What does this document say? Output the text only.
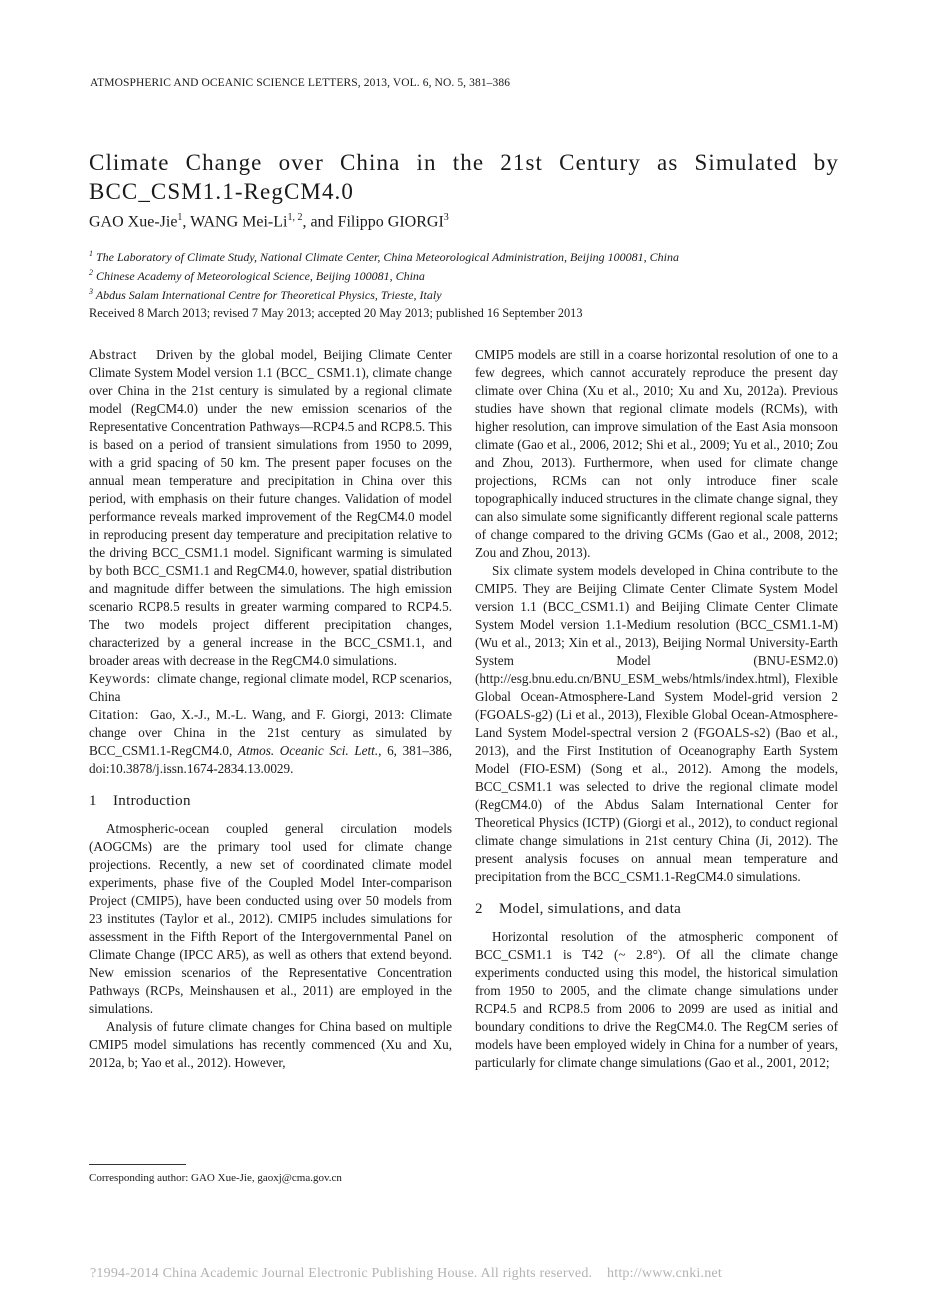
ATMOSPHERIC AND OCEANIC SCIENCE LETTERS, 2013, VOL. 6, NO. 5, 381–386
Climate Change over China in the 21st Century as Simulated by BCC_CSM1.1-RegCM4.0
GAO Xue-Jie$^1$, WANG Mei-Li$^{1, 2}$, and Filippo GIORGI$^3$
$^1$ The Laboratory of Climate Study, National Climate Center, China Meteorological Administration, Beijing 100081, China
$^2$ Chinese Academy of Meteorological Science, Beijing 100081, China
$^3$ Abdus Salam International Centre for Theoretical Physics, Trieste, Italy
Received 8 March 2013; revised 7 May 2013; accepted 20 May 2013; published 16 September 2013

Abstract Driven by the global model, Beijing Climate Center Climate System Model version 1.1 (BCC_ CSM1.1), climate change over China in the 21st century is simulated by a regional climate model (RegCM4.0) under the new emission scenarios of the Representative Concentration Pathways—RCP4.5 and RCP8.5. This is based on a period of transient simulations from 1950 to 2099, with a grid spacing of 50 km. The present paper focuses on the annual mean temperature and precipitation in China over this period, with emphasis on their future changes. Validation of model performance reveals marked improvement of the RegCM4.0 model in reproducing present day temperature and precipitation relative to the driving BCC_CSM1.1 model. Significant warming is simulated by both BCC_CSM1.1 and RegCM4.0, however, spatial distribution and magnitude differ between the simulations. The high emission scenario RCP8.5 results in greater warming compared to RCP4.5. The two models project different precipitation changes, characterized by a general increase in the BCC_CSM1.1, and broader areas with decrease in the RegCM4.0 simulations.

Keywords: climate change, regional climate model, RCP scenarios, China

Citation: Gao, X.-J., M.-L. Wang, and F. Giorgi, 2013: Climate change over China in the 21st century as simulated by BCC_CSM1.1-RegCM4.0, Atmos. Oceanic Sci. Lett., 6, 381–386, doi:10.3878/j.issn.1674-2834.13.0029.

1 Introduction

Atmospheric-ocean coupled general circulation models (AOGCMs) are the primary tool used for climate change projections. Recently, a new set of coordinated climate model experiments, phase five of the Coupled Model Inter-comparison Project (CMIP5), have been conducted using over 50 models from 23 institutes (Taylor et al., 2012). CMIP5 includes simulations for assessment in the Fifth Report of the Intergovernmental Panel on Climate Change (IPCC AR5), as well as others that extend beyond. New emission scenarios of the Representative Concentration Pathways (RCPs, Meinshausen et al., 2011) are employed in the simulations.

Analysis of future climate changes for China based on multiple CMIP5 model simulations has recently commenced (Xu and Xu, 2012a, b; Yao et al., 2012). However,

CMIP5 models are still in a coarse horizontal resolution of one to a few degrees, which cannot accurately reproduce the present day climate over China (Xu et al., 2010; Xu and Xu, 2012a). Previous studies have shown that regional climate models (RCMs), with higher resolution, can improve simulation of the East Asia monsoon climate (Gao et al., 2006, 2012; Shi et al., 2009; Yu et al., 2010; Zou and Zhou, 2013). Furthermore, when used for climate change projections, RCMs can not only introduce finer scale topographically induced structures in the climate change signal, they can also simulate some significantly different regional scale patterns of change compared to the driving GCMs (Gao et al., 2008, 2012; Zou and Zhou, 2013).

Six climate system models developed in China contribute to the CMIP5. They are Beijing Climate Center Climate System Model version 1.1 (BCC_CSM1.1) and Beijing Climate Center Climate System Model version 1.1-Medium resolution (BCC_CSM1.1-M) (Wu et al., 2013; Xin et al., 2013), Beijing Normal University-Earth System Model (BNU-ESM2.0) (http://esg.bnu.edu.cn/BNU_ESM_webs/htmls/index.html), Flexible Global Ocean-Atmosphere-Land System Model-grid version 2 (FGOALS-g2) (Li et al., 2013), Flexible Global Ocean-Atmosphere-Land System Model-spectral version 2 (FGOALS-s2) (Bao et al., 2013), and the First Institution of Oceanography Earth System Model (FIO-ESM) (Song et al., 2012). Among the models, BCC_CSM1.1 was selected to drive the regional climate model (RegCM4.0) of the Abdus Salam International Center for Theoretical Physics (ICTP) (Giorgi et al., 2012), to conduct regional climate change simulations in 21st century China (Ji, 2012). The present analysis focuses on annual mean temperature and precipitation from the BCC_CSM1.1-RegCM4.0 simulations.

2 Model, simulations, and data

Horizontal resolution of the atmospheric component of BCC_CSM1.1 is T42 (~ 2.8°). Of all the climate change experiments conducted using this model, the historical simulation from 1950 to 2005, and the climate change simulations under RCP4.5 and RCP8.5 from 2006 to 2099 are used as initial and boundary conditions to drive the RegCM4.0. The RegCM series of models have been employed widely in China for a number of years, particularly for climate change simulations (Gao et al., 2001, 2012;

Corresponding author: GAO Xue-Jie, gaoxj@cma.gov.cn
?1994-2014 China Academic Journal Electronic Publishing House. All rights reserved. http://www.cnki.net
